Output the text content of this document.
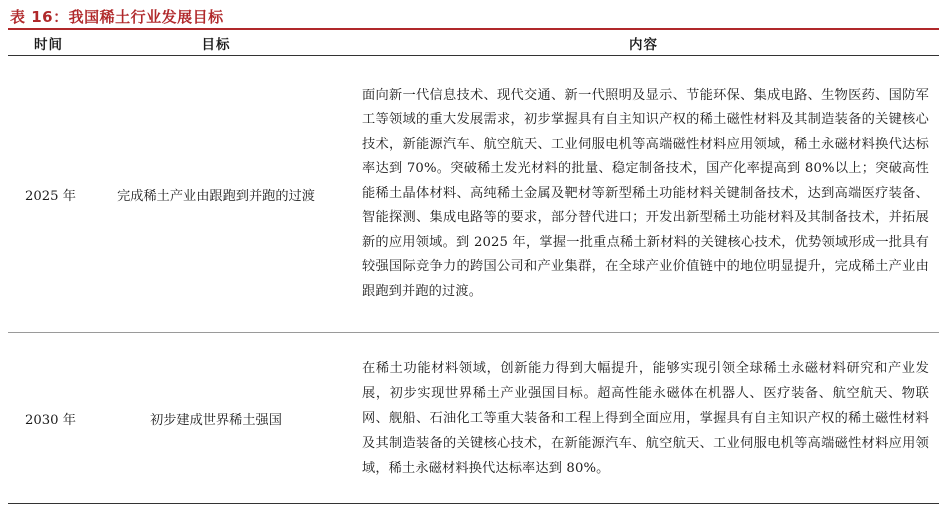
表 16：我国稀土行业发展目标
时间	目标	内容
2025 年	完成稀土产业由跟跑到并跑的过渡	面向新一代信息技术、现代交通、新一代照明及显示、节能环保、集成电路、生物医药、国防军工等领域的重大发展需求，初步掌握具有自主知识产权的稀土磁性材料及其制造装备的关键核心技术，新能源汽车、航空航天、工业伺服电机等高端磁性材料应用领域，稀土永磁材料换代达标率达到 70%。突破稀土发光材料的批量、稳定制备技术，国产化率提高到 80%以上；突破高性能稀土晶体材料、高纯稀土金属及靶材等新型稀土功能材料关键制备技术，达到高端医疗装备、智能探测、集成电路等的要求，部分替代进口；开发出新型稀土功能材料及其制备技术，并拓展新的应用领域。到 2025 年，掌握一批重点稀土新材料的关键核心技术，优势领域形成一批具有较强国际竞争力的跨国公司和产业集群，在全球产业价值链中的地位明显提升，完成稀土产业由跟跑到并跑的过渡。
2030 年	初步建成世界稀土强国	在稀土功能材料领域，创新能力得到大幅提升，能够实现引领全球稀土永磁材料研究和产业发展，初步实现世界稀土产业强国目标。超高性能永磁体在机器人、医疗装备、航空航天、物联网、舰船、石油化工等重大装备和工程上得到全面应用，掌握具有自主知识产权的稀土磁性材料及其制造装备的关键核心技术，在新能源汽车、航空航天、工业伺服电机等高端磁性材料应用领域，稀土永磁材料换代达标率达到 80%。
